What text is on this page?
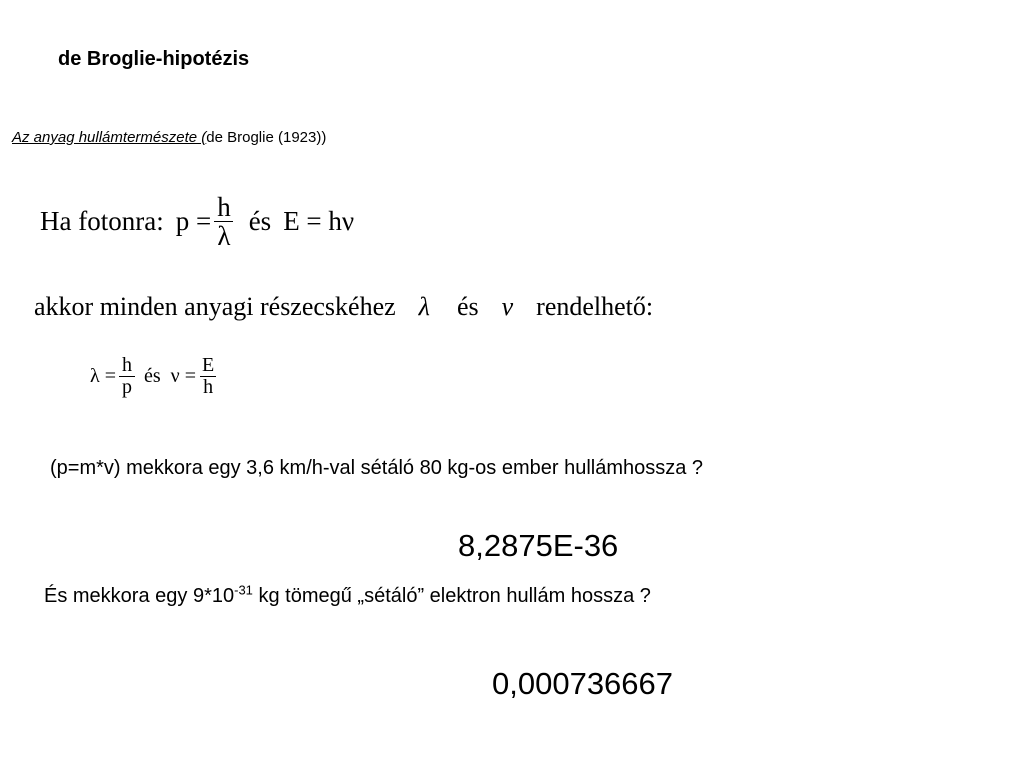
de Broglie-hipotézis
Az anyag hullámtermészete (de Broglie (1923))
Ha fotonra: $p = \frac{h}{\lambda}$ és E = hν
akkor minden anyagi részecskéhez λ és ν rendelhető:
$\lambda = \frac{h}{p}$ és $\nu = \frac{E}{h}$
(p=m*v) mekkora egy 3,6 km/h-val sétáló 80 kg-os ember hullámhossza ?
8,2875E-36
És mekkora egy $9*10^{-31}$ kg tömegű „sétáló” elektron hullám hossza ?
0,000736667
